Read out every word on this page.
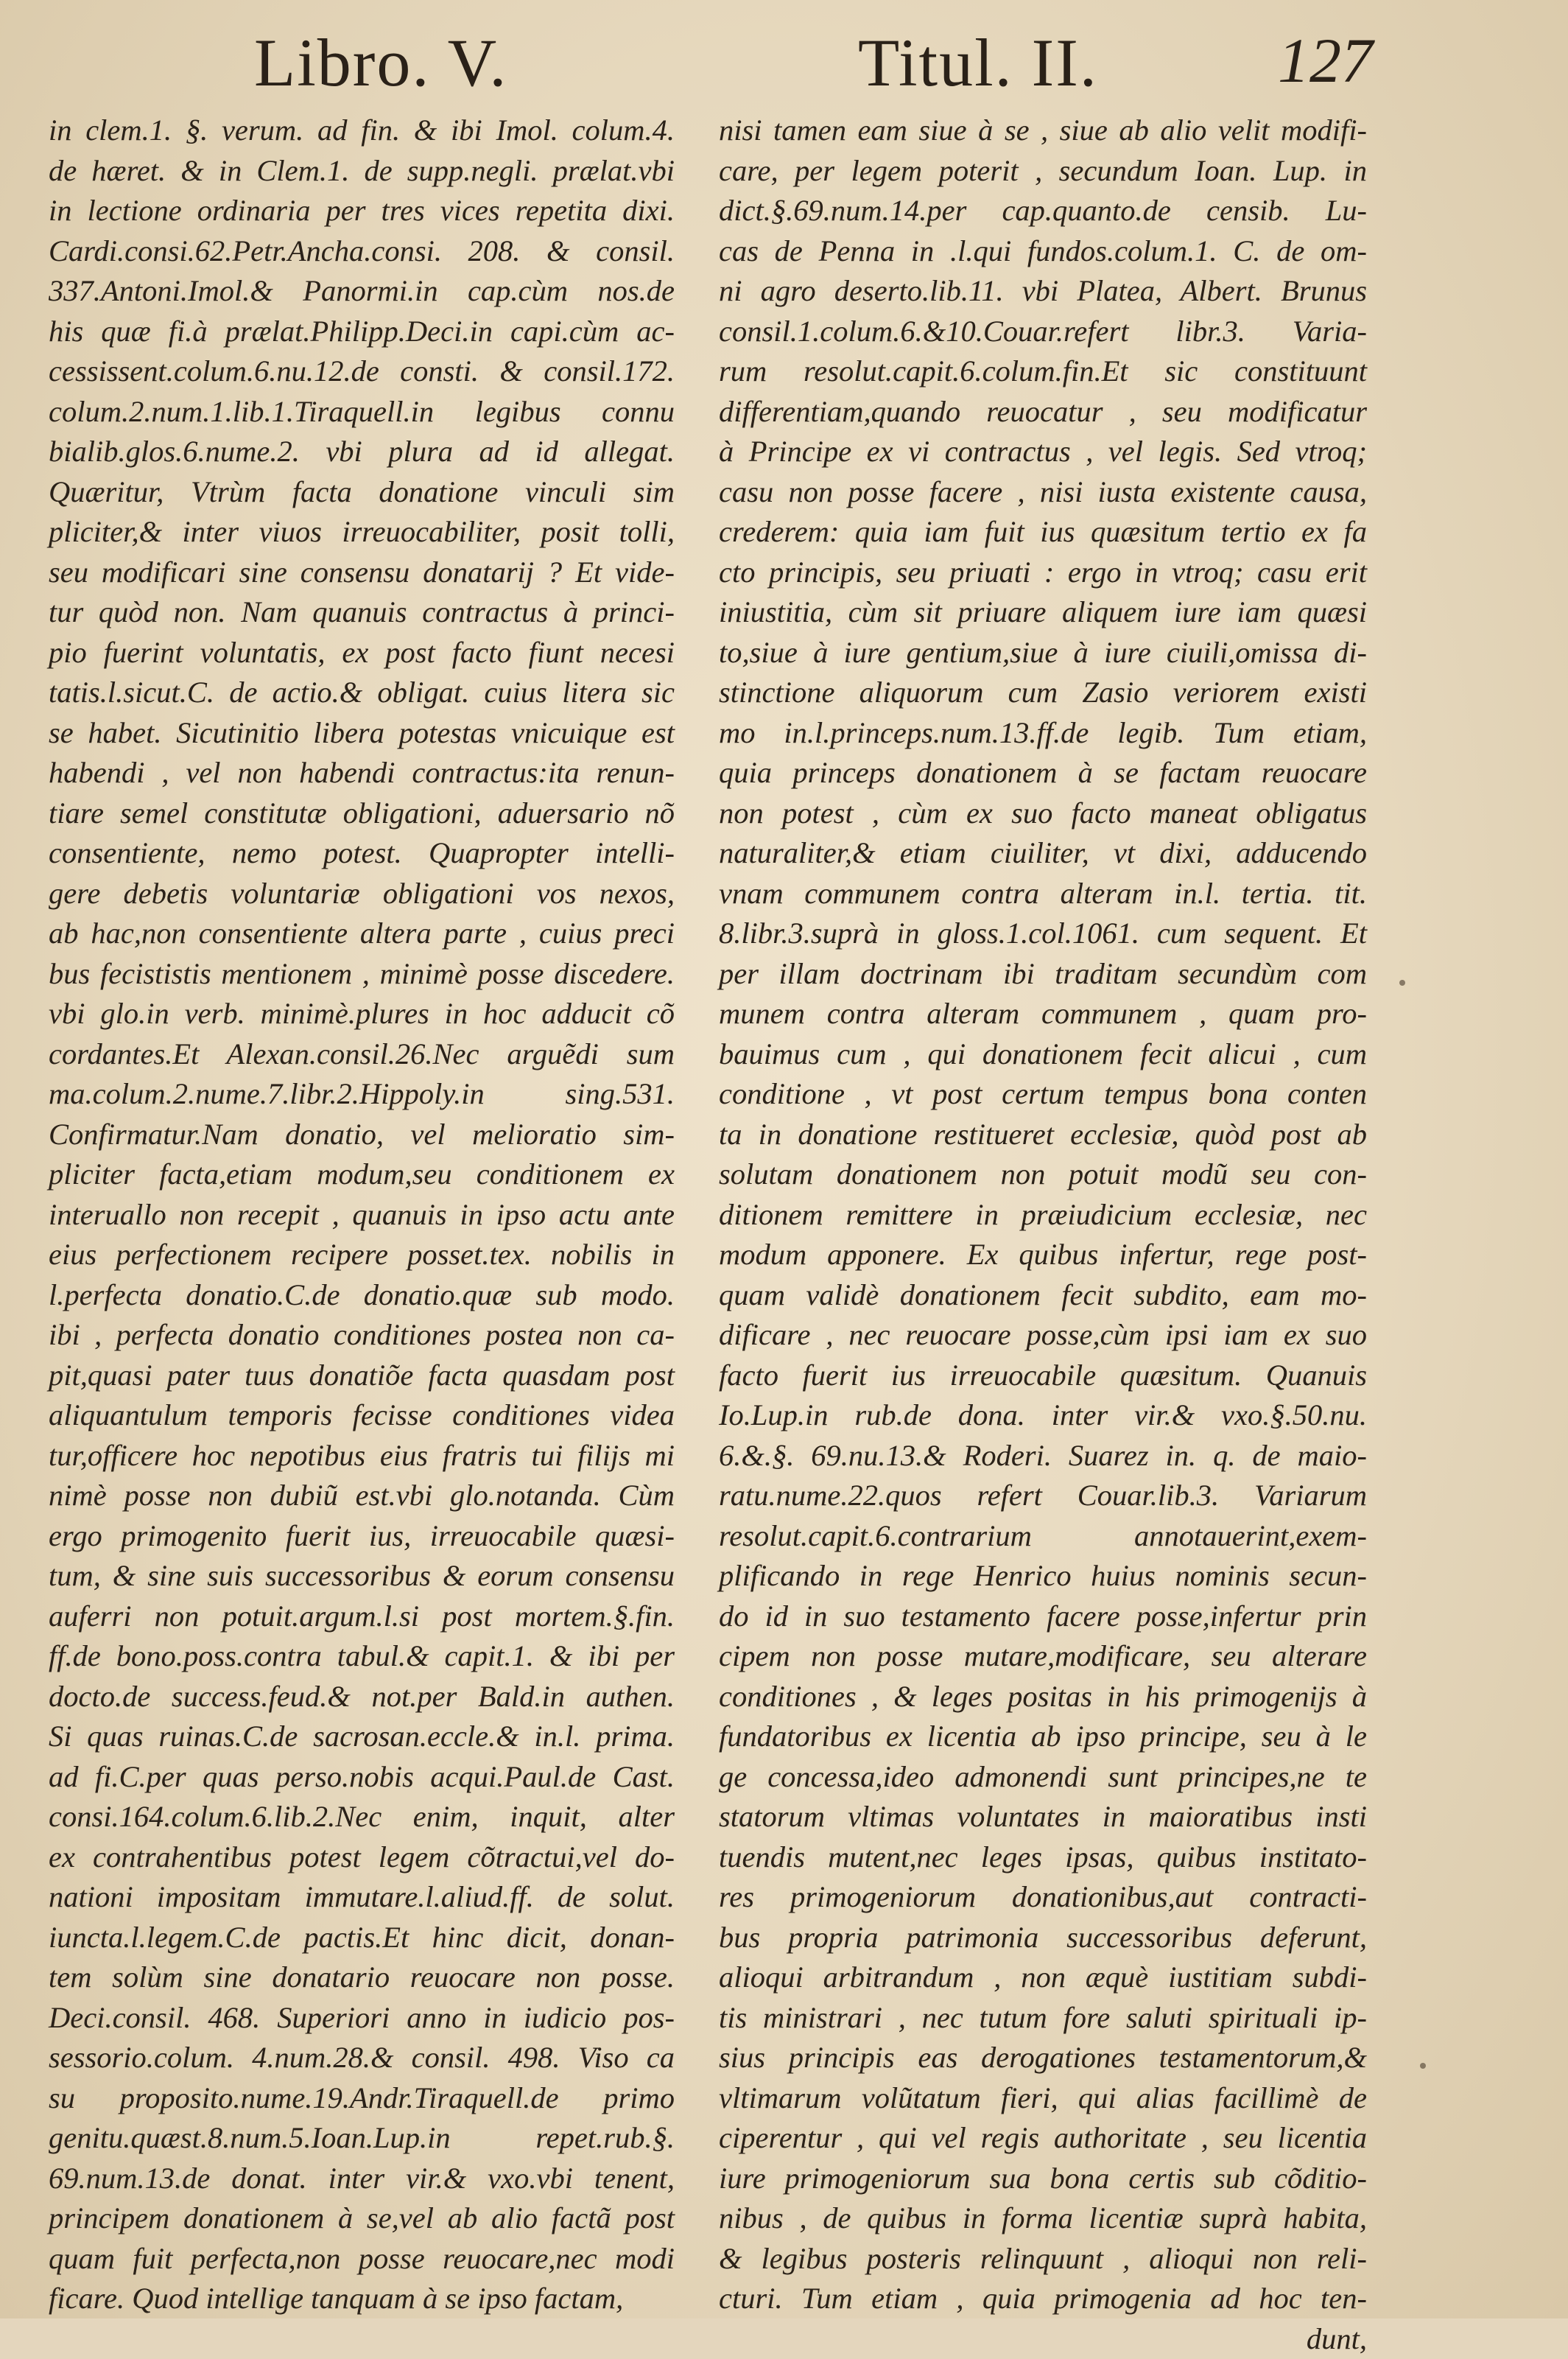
Libro. V.	Titul. II.	127
in clem.1. §. verum. ad fin. & ibi Imol. colum.4.
de hæret. & in Clem.1. de supp.negli. prælat.vbi
in lectione ordinaria per tres vices repetita dixi.
Cardi.consi.62.Petr.Ancha.consi. 208. & consil.
337.Antoni.Imol.& Panormi.in cap.cùm nos.de
his quæ fi.à prælat.Philipp.Deci.in capi.cùm ac-
cessissent.colum.6.nu.12.de consti. & consil.172.
colum.2.num.1.lib.1.Tiraquell.in legibus connu
bialib.glos.6.nume.2. vbi plura ad id allegat.
Quæritur, Vtrùm facta donatione vinculi sim
pliciter,& inter viuos irreuocabiliter, posit tolli,
seu modificari sine consensu donatarij ? Et vide-
tur quòd non. Nam quanuis contractus à princi-
pio fuerint voluntatis, ex post facto fiunt necesi
tatis.l.sicut.C. de actio.& obligat. cuius litera sic
se habet. Sicutinitio libera potestas vnicuique est
habendi , vel non habendi contractus:ita renun-
tiare semel constitutæ obligationi, aduersario nõ
consentiente, nemo potest. Quapropter intelli-
gere debetis voluntariæ obligationi vos nexos,
ab hac,non consentiente altera parte , cuius preci
bus fecististis mentionem , minimè posse discedere.
vbi glo.in verb. minimè.plures in hoc adducit cõ
cordantes.Et Alexan.consil.26.Nec arguẽdi sum
ma.colum.2.nume.7.libr.2.Hippoly.in sing.531.
Confirmatur.Nam donatio, vel melioratio sim-
pliciter facta,etiam modum,seu conditionem ex
interuallo non recepit , quanuis in ipso actu ante
eius perfectionem recipere posset.tex. nobilis in
l.perfecta donatio.C.de donatio.quæ sub modo.
ibi , perfecta donatio conditiones postea non ca-
pit,quasi pater tuus donatiõe facta quasdam post
aliquantulum temporis fecisse conditiones videa
tur,officere hoc nepotibus eius fratris tui filijs mi
nimè posse non dubiũ est.vbi glo.notanda. Cùm
ergo primogenito fuerit ius, irreuocabile quæsi-
tum, & sine suis successoribus & eorum consensu
auferri non potuit.argum.l.si post mortem.§.fin.
ff.de bono.poss.contra tabul.& capit.1. & ibi per
docto.de success.feud.& not.per Bald.in authen.
Si quas ruinas.C.de sacrosan.eccle.& in.l. prima.
ad fi.C.per quas perso.nobis acqui.Paul.de Cast.
consi.164.colum.6.lib.2.Nec enim, inquit, alter
ex contrahentibus potest legem cõtractui,vel do-
nationi impositam immutare.l.aliud.ff. de solut.
iuncta.l.legem.C.de pactis.Et hinc dicit, donan-
tem solùm sine donatario reuocare non posse.
Deci.consil. 468. Superiori anno in iudicio pos-
sessorio.colum. 4.num.28.& consil. 498. Viso ca
su proposito.nume.19.Andr.Tiraquell.de primo
genitu.quæst.8.num.5.Ioan.Lup.in repet.rub.§.
69.num.13.de donat. inter vir.& vxo.vbi tenent,
principem donationem à se,vel ab alio factã post
quam fuit perfecta,non posse reuocare,nec modi
ficare. Quod intellige tanquam à se ipso factam,
nisi tamen eam siue à se , siue ab alio velit modifi-
care, per legem poterit , secundum Ioan. Lup. in
dict.§.69.num.14.per cap.quanto.de censib. Lu-
cas de Penna in .l.qui fundos.colum.1. C. de om-
ni agro deserto.lib.11. vbi Platea, Albert. Brunus
consil.1.colum.6.&10.Couar.refert libr.3. Varia-
rum resolut.capit.6.colum.fin.Et sic constituunt
differentiam,quando reuocatur , seu modificatur
à Principe ex vi contractus , vel legis. Sed vtroq;
casu non posse facere , nisi iusta existente causa,
crederem: quia iam fuit ius quæsitum tertio ex fa
cto principis, seu priuati : ergo in vtroq; casu erit
iniustitia, cùm sit priuare aliquem iure iam quæsi
to,siue à iure gentium,siue à iure ciuili,omissa di-
stinctione aliquorum cum Zasio veriorem existi
mo in.l.princeps.num.13.ff.de legib. Tum etiam,
quia princeps donationem à se factam reuocare
non potest , cùm ex suo facto maneat obligatus
naturaliter,& etiam ciuiliter, vt dixi, adducendo
vnam communem contra alteram in.l. tertia. tit.
8.libr.3.suprà in gloss.1.col.1061. cum sequent. Et
per illam doctrinam ibi traditam secundùm com
munem contra alteram communem , quam pro-
bauimus cum , qui donationem fecit alicui , cum
conditione , vt post certum tempus bona conten
ta in donatione restitueret ecclesiæ, quòd post ab
solutam donationem non potuit modũ seu con-
ditionem remittere in præiudicium ecclesiæ, nec
modum apponere. Ex quibus infertur, rege post-
quam validè donationem fecit subdito, eam mo-
dificare , nec reuocare posse,cùm ipsi iam ex suo
facto fuerit ius irreuocabile quæsitum. Quanuis
Io.Lup.in rub.de dona. inter vir.& vxo.§.50.nu.
6.&.§. 69.nu.13.& Roderi. Suarez in. q. de maio-
ratu.nume.22.quos refert Couar.lib.3. Variarum
resolut.capit.6.contrarium annotauerint,exem-
plificando in rege Henrico huius nominis secun-
do id in suo testamento facere posse,infertur prin
cipem non posse mutare,modificare, seu alterare
conditiones , & leges positas in his primogenijs à
fundatoribus ex licentia ab ipso principe, seu à le
ge concessa,ideo admonendi sunt principes,ne te
statorum vltimas voluntates in maioratibus insti
tuendis mutent,nec leges ipsas, quibus institato-
res primogeniorum donationibus,aut contracti-
bus propria patrimonia successoribus deferunt,
alioqui arbitrandum , non æquè iustitiam subdi-
tis ministrari , nec tutum fore saluti spirituali ip-
sius principis eas derogationes testamentorum,&
vltimarum volũtatum fieri, qui alias facillimè de
ciperentur , qui vel regis authoritate , seu licentia
iure primogeniorum sua bona certis sub cõditio-
nibus , de quibus in forma licentiæ suprà habita,
& legibus posteris relinquunt , alioqui non reli-
cturi. Tum etiam , quia primogenia ad hoc ten-
dunt,
